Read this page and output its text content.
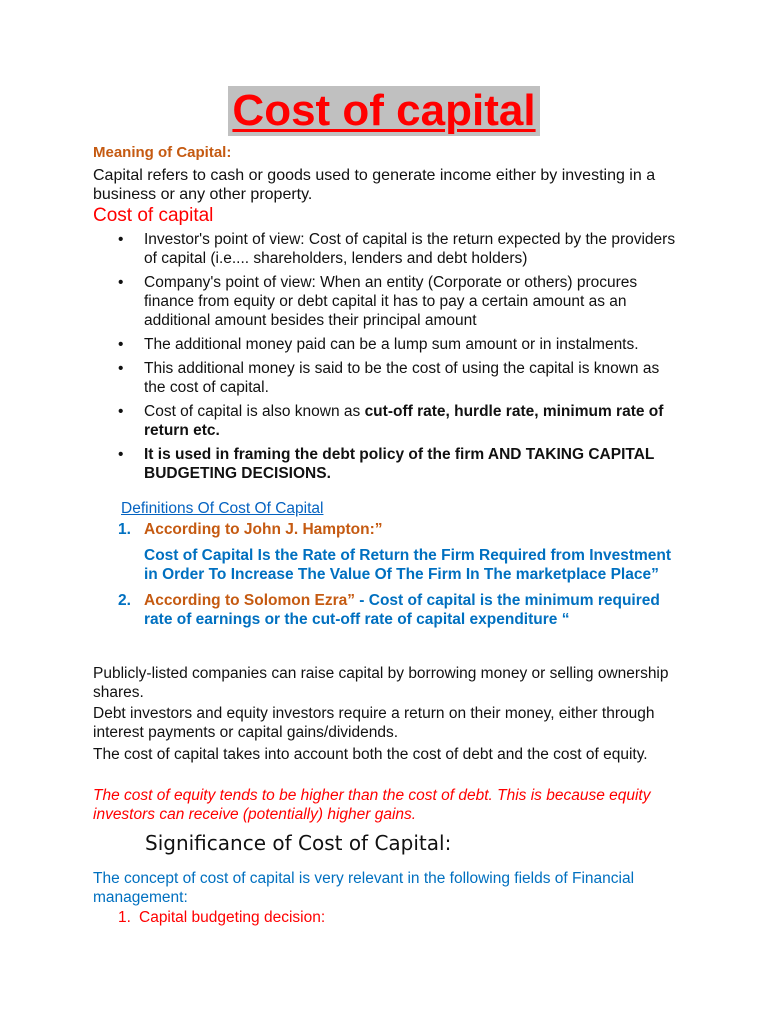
Cost of capital
Meaning of Capital:
Capital refers to cash or goods used to generate income either by investing in a business or any other property.
Cost of capital
• Investor's point of view: Cost of capital is the return expected by the providers of capital (i.e.... shareholders, lenders and debt holders)
• Company's point of view: When an entity (Corporate or others) procures finance from equity or debt capital it has to pay a certain amount as an additional amount besides their principal amount
• The additional money paid can be a lump sum amount or in instalments.
• This additional money is said to be the cost of using the capital is known as the cost of capital.
• Cost of capital is also known as cut-off rate, hurdle rate, minimum rate of return etc.
• It is used in framing the debt policy of the firm AND TAKING CAPITAL BUDGETING DECISIONS.
Definitions Of Cost Of Capital
1. According to John J. Hampton:”
Cost of Capital Is the Rate of Return the Firm Required from Investment in Order To Increase The Value Of The Firm In The marketplace Place”
2. According to Solomon Ezra” - Cost of capital is the minimum required rate of earnings or the cut-off rate of capital expenditure “
Publicly-listed companies can raise capital by borrowing money or selling ownership shares.
Debt investors and equity investors require a return on their money, either through interest payments or capital gains/dividends.
The cost of capital takes into account both the cost of debt and the cost of equity.
The cost of equity tends to be higher than the cost of debt. This is because equity investors can receive (potentially) higher gains.
Significance of Cost of Capital:
The concept of cost of capital is very relevant in the following fields of Financial management:
1. Capital budgeting decision:
